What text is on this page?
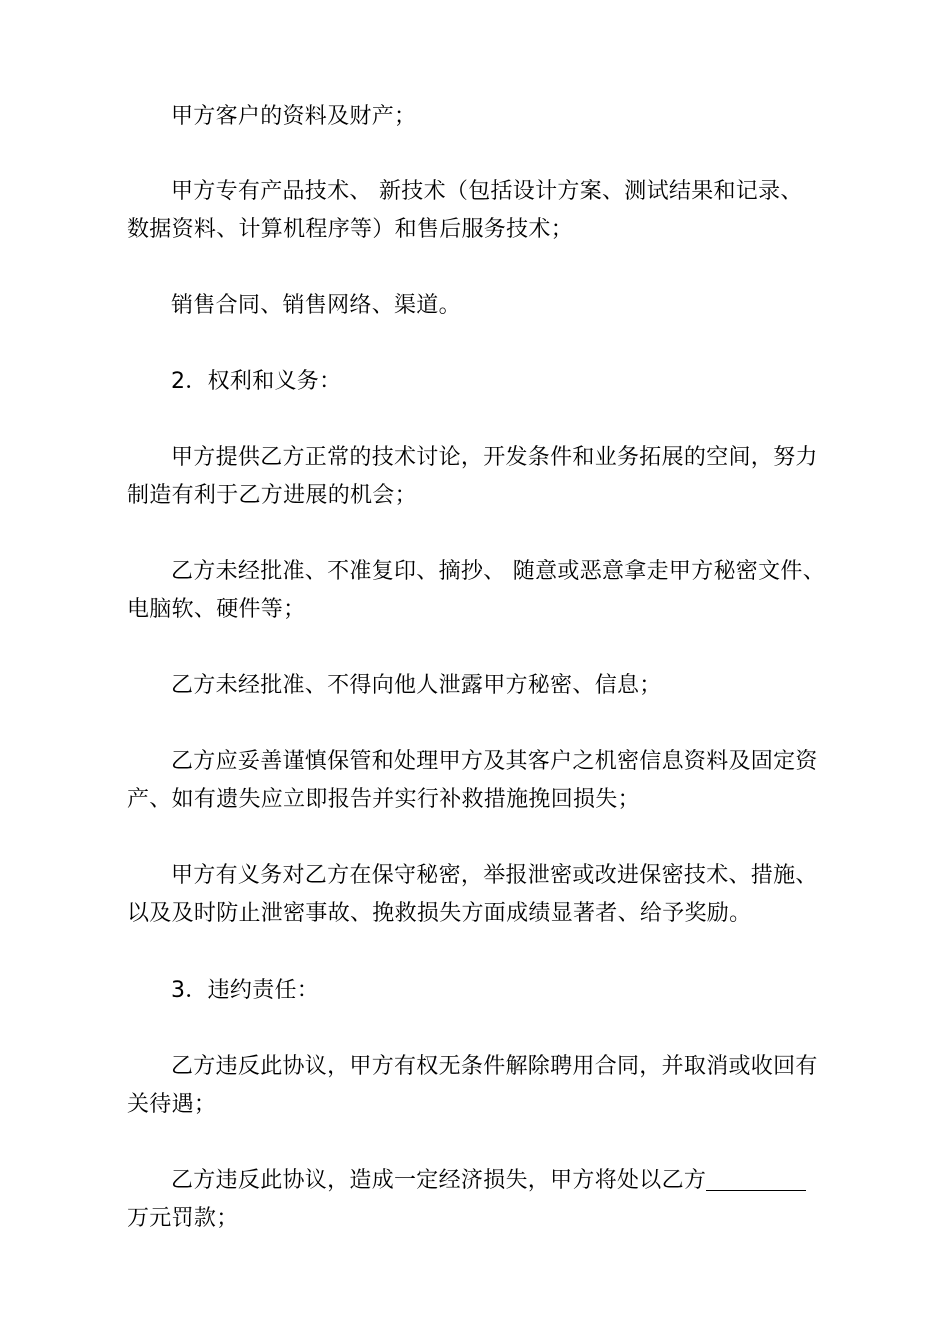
甲方客户的资料及财产；
甲方专有产品技术、 新技术（包括设计方案、测试结果和记录、
数据资料、计算机程序等）和售后服务技术；
销售合同、销售网络、渠道。
2．权利和义务：
甲方提供乙方正常的技术讨论，开发条件和业务拓展的空间，努力
制造有利于乙方进展的机会；
乙方未经批准、不准复印、摘抄、 随意或恶意拿走甲方秘密文件、
电脑软、硬件等；
乙方未经批准、不得向他人泄露甲方秘密、信息；
乙方应妥善谨慎保管和处理甲方及其客户之机密信息资料及固定资
产、如有遗失应立即报告并实行补救措施挽回损失；
甲方有义务对乙方在保守秘密，举报泄密或改进保密技术、措施、
以及及时防止泄密事故、挽救损失方面成绩显著者、给予奖励。
3．违约责任：
乙方违反此协议，甲方有权无条件解除聘用合同，并取消或收回有
关待遇；
乙方违反此协议，造成一定经济损失，甲方将处以乙方
万元罚款；
